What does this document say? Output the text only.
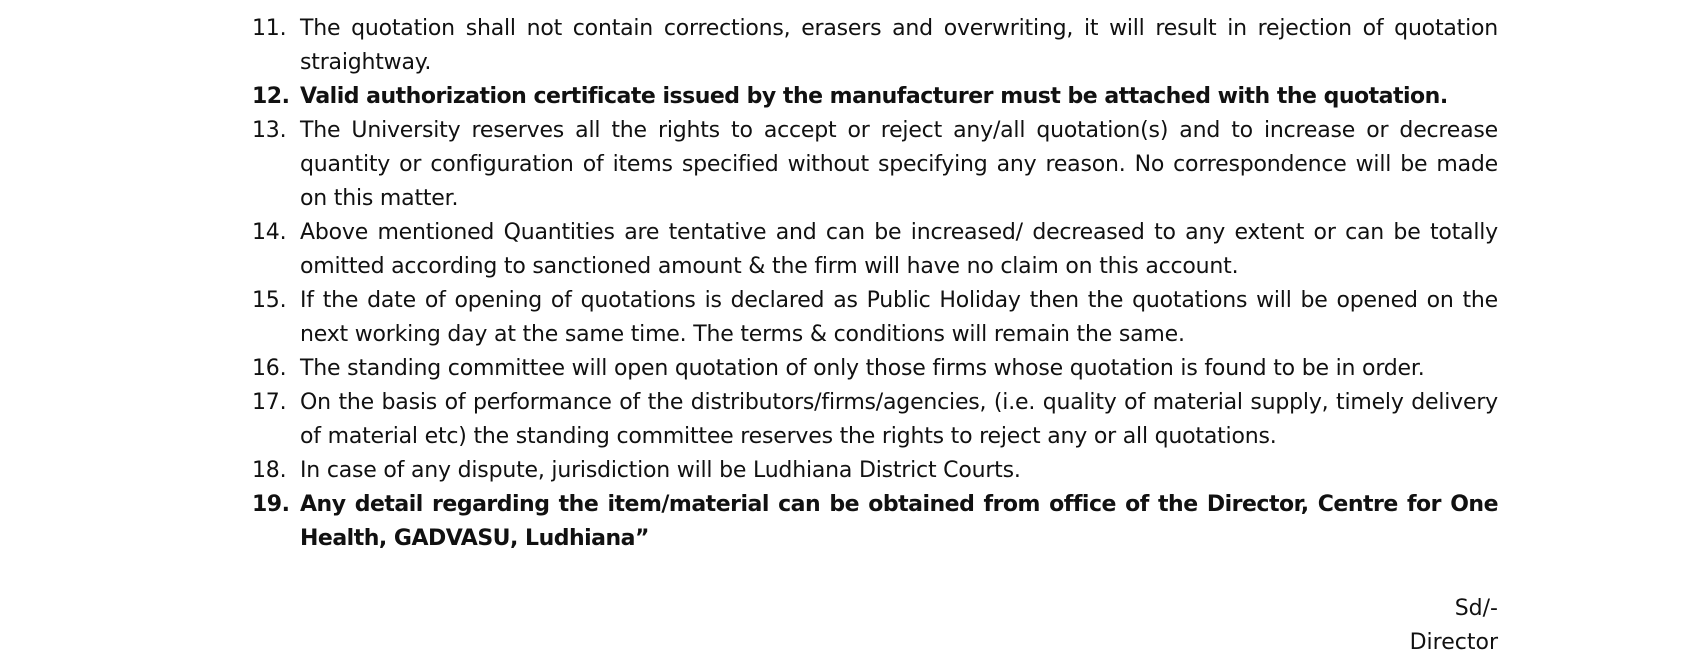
11. The quotation shall not contain corrections, erasers and overwriting, it will result in rejection of quotation straightway.
12. Valid authorization certificate issued by the manufacturer must be attached with the quotation.
13. The University reserves all the rights to accept or reject any/all quotation(s) and to increase or decrease quantity or configuration of items specified without specifying any reason. No correspondence will be made on this matter.
14. Above mentioned Quantities are tentative and can be increased/ decreased to any extent or can be totally omitted according to sanctioned amount & the firm will have no claim on this account.
15. If the date of opening of quotations is declared as Public Holiday then the quotations will be opened on the next working day at the same time. The terms & conditions will remain the same.
16. The standing committee will open quotation of only those firms whose quotation is found to be in order.
17. On the basis of performance of the distributors/firms/agencies, (i.e. quality of material supply, timely delivery of material etc) the standing committee reserves the rights to reject any or all quotations.
18. In case of any dispute, jurisdiction will be Ludhiana District Courts.
19. Any detail regarding the item/material can be obtained from office of the Director, Centre for One Health, GADVASU, Ludhiana”
Sd/-
Director
